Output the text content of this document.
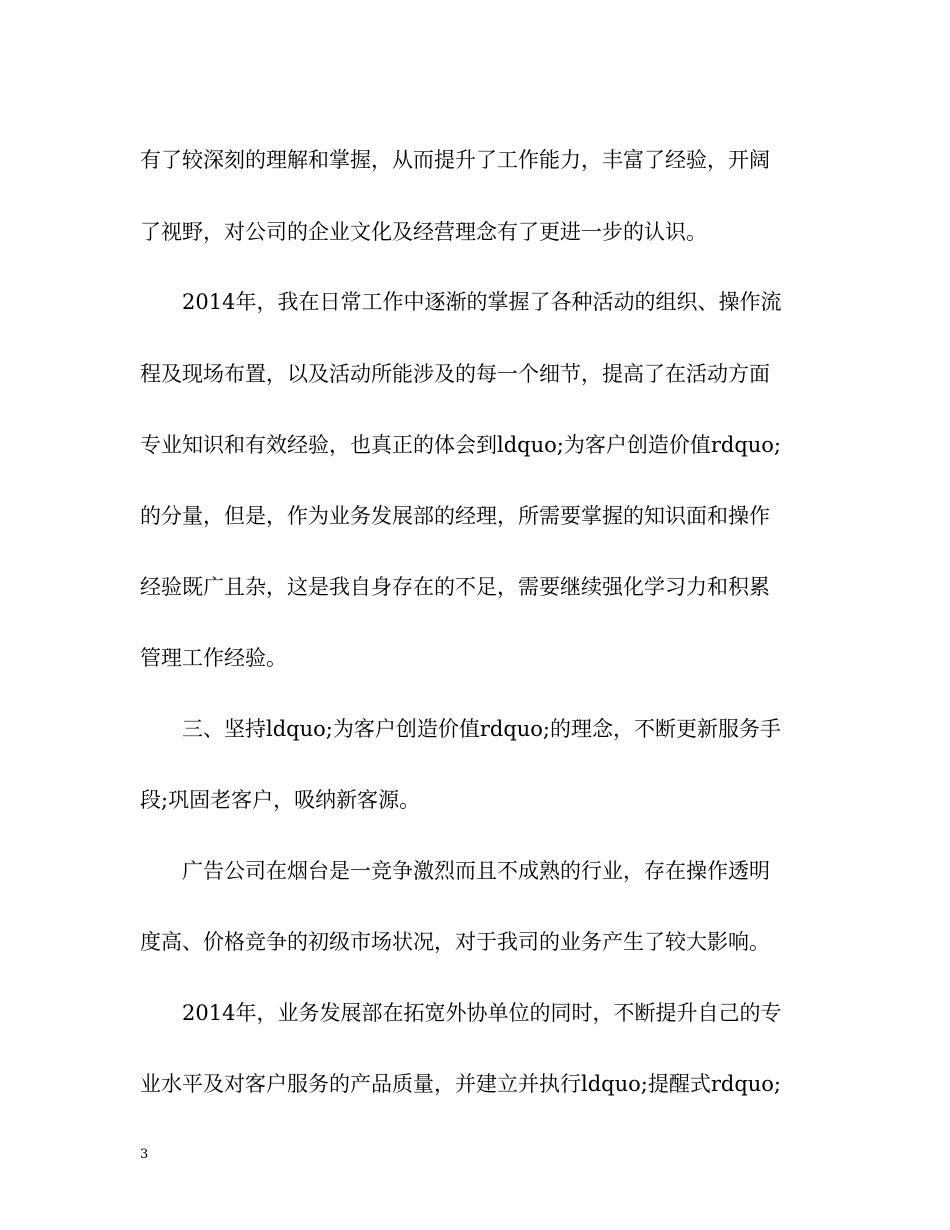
有了较深刻的理解和掌握，从而提升了工作能力，丰富了经验，开阔
了视野，对公司的企业文化及经营理念有了更进一步的认识。
2014年，我在日常工作中逐渐的掌握了各种活动的组织、操作流
程及现场布置，以及活动所能涉及的每一个细节，提高了在活动方面
专业知识和有效经验，也真正的体会到ldquo;为客户创造价值rdquo;
的分量，但是，作为业务发展部的经理，所需要掌握的知识面和操作
经验既广且杂，这是我自身存在的不足，需要继续强化学习力和积累
管理工作经验。
三、坚持ldquo;为客户创造价值rdquo;的理念，不断更新服务手
段;巩固老客户，吸纳新客源。
广告公司在烟台是一竞争激烈而且不成熟的行业，存在操作透明
度高、价格竞争的初级市场状况，对于我司的业务产生了较大影响。
2014年，业务发展部在拓宽外协单位的同时，不断提升自己的专
业水平及对客户服务的产品质量，并建立并执行ldquo;提醒式rdquo;
3
